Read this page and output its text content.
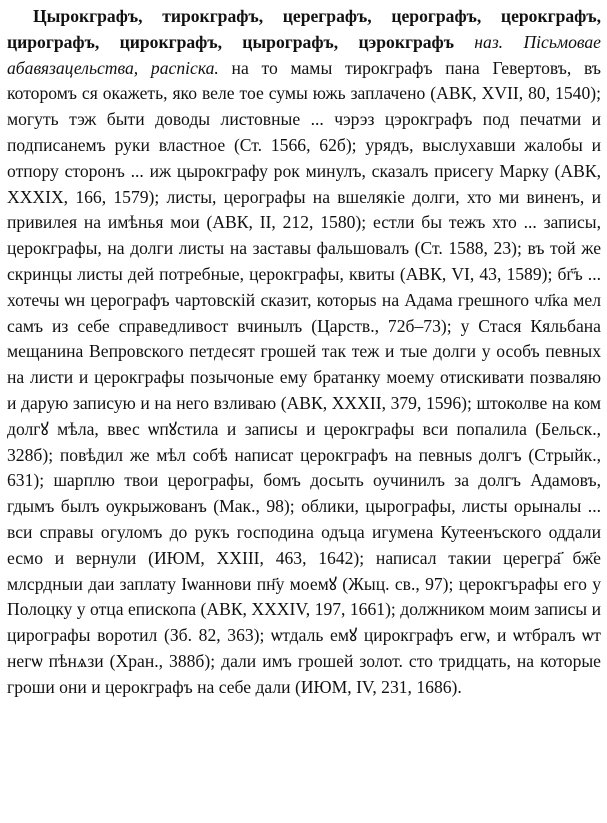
Цырокграфъ, тирокграфъ, цереграфъ, церографъ, церокграфъ, цирографъ, цирокграфъ, цырографъ, цэрокграфъ наз. Пісьмовае абавязацельства, распіска. на то мамы тирокграфъ пана Гевертовъ, въ которомъ ся окажеть, яко веле тое сумы южь заплачено (АВК, XVII, 80, 1540); могуть тэж быти доводы листовные ... чэрэз цэрокграфъ под печатми и подписанемъ руки властное (Ст. 1566, 62б); урядъ, выслухавши жалобы и отпору сторонъ ... иж цырокграфу рок минулъ, сказалъ присегу Марку (АВК, XXXIX, 166, 1579); листы, церографы на вшелякіе долги, хто ми виненъ, и привилея на имѣнья мои (АВК, II, 212, 1580); естли бы тежъ хто ... записы, церокграфы, на долги листы на заставы фальшовалъ (Ст. 1588, 23); въ той же скринцы листы дей потребные, церокграфы, квиты (АВК, VI, 43, 1589); бг҃ъ ... хотечы ѡн церографъ чартовскій сказит, которыѕ на Адама грешного чл҃ка мел самъ из себе справедливост вчинылъ (Царств., 72б–73); у Стася Кяльбана мещанина Вепровского петдесят грошей так теж и тые долги у особъ певных на листи и церокграфы позычоные ему братанку моему отискивати позваляю и дарую записую и на него взливаю (АВК, XXXII, 379, 1596); штоколве на ком долгꙋ мѣла, ввес ѡпꙋстила и записы и церокграфы вси попалила (Бельск., 328б); повѣдил же мѣл собѣ написат церокграфъ на певныѕ долгъ (Стрыйк., 631); шарплю твои церографы, бомъ досыть оучинилъ за долгъ Адамовъ, гдымъ былъ оукрыжованъ (Мак., 98); облики, цырографы, листы орыналы ... вси справы огуломъ до рукъ господина одъца игумена Кутеенъского оддали есмо и вернули (ИЮМ, XXIII, 463, 1642); написал такии церегра҃ бж҃е млсрдныи даи заплату Іѡаннови пн҃у моемꙋ (Жыц. св., 97); церокгърафы его у Полоцку у отца епископа (АВК, XXXIV, 197, 1661); должником моим записы и цирографы воротил (Зб. 82, 363); ѡтдаль емꙋ цирокграфъ егѡ, и ѡтбралъ ѡт негѡ пѣнѧзи (Хран., 388б); дали имъ грошей золот. сто тридцать, на которые гроши они и церокграфъ на себе дали (ИЮМ, IV, 231, 1686).
